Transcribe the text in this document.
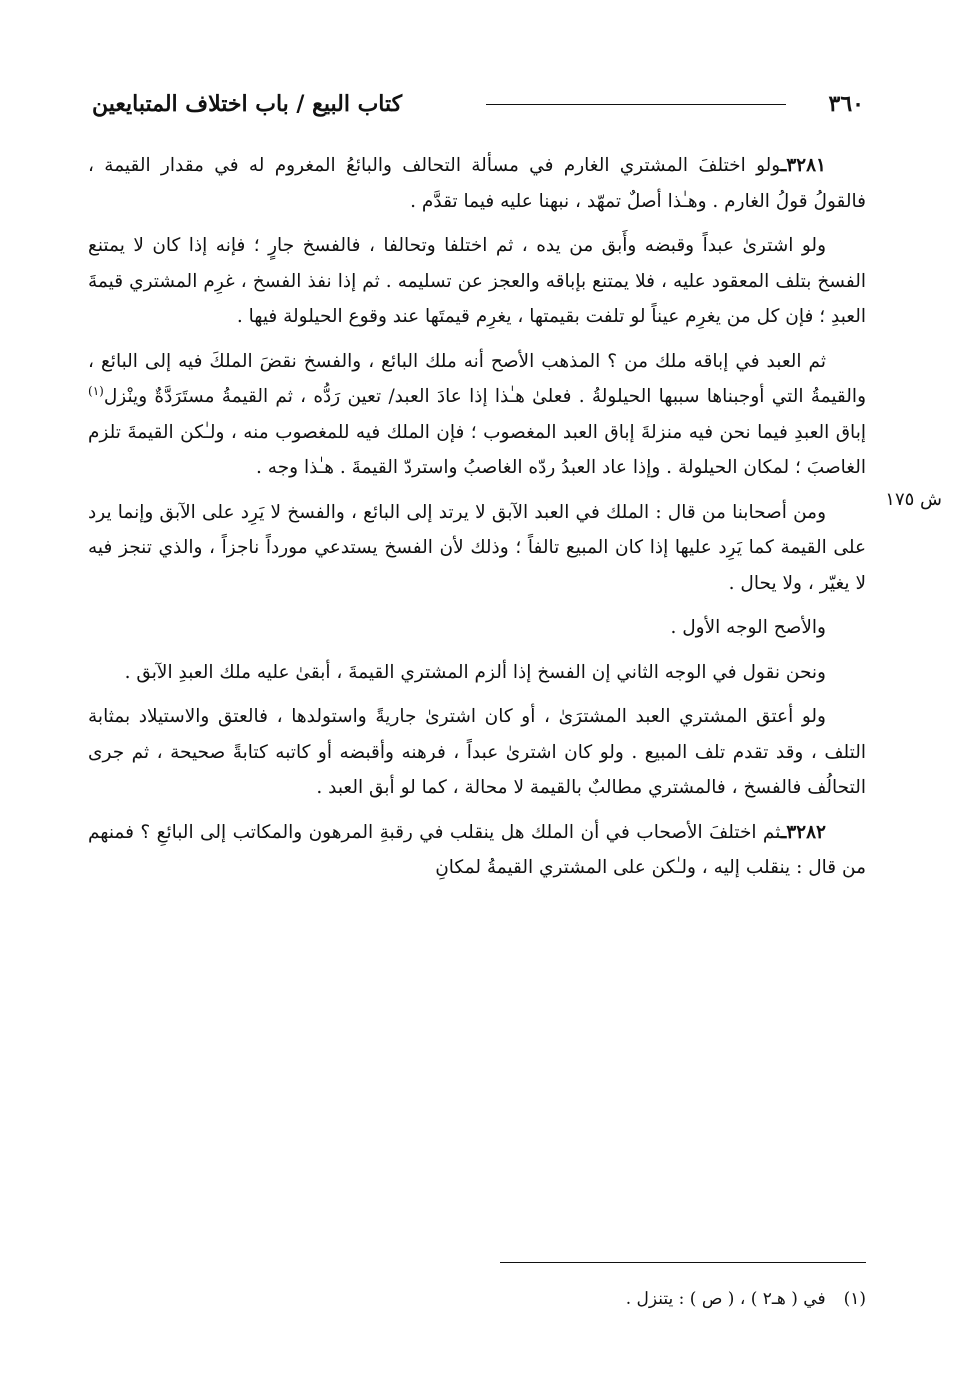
٣٦٠
كتاب البيع / باب اختلاف المتبايعين
ش ١٧٥

٣٢٨١ـولو اختلفَ المشتري الغارم في مسألة التحالف والبائعُ المغروم له في مقدار القيمة ، فالقولُ قولُ الغارم . وهـٰذا أصلٌ تمهّد ، نبهنا عليه فيما تقدَّم .

ولو اشترىٰ عبداً وقبضه وأَبق من يده ، ثم اختلفا وتحالفا ، فالفسخ جارٍ ؛ فإنه إذا كان لا يمتنع الفسخ بتلف المعقود عليه ، فلا يمتنع بإباقه والعجز عن تسليمه . ثم إذا نفذ الفسخ ، غرِم المشتري قيمةَ العبدِ ؛ فإن كل من يغرِم عيناً لو تلفت بقيمتها ، يغرِم قيمتَها عند وقوع الحيلولة فيها .

ثم العبد في إباقه ملك من ؟ المذهب الأصح أنه ملك البائع ، والفسخ نقضَ الملكَ فيه إلى البائع ، والقيمةُ التي أوجبناها سببها الحيلولةُ . فعلىٰ هـٰذا إذا عادَ العبد/ تعين رَدُّه ، ثم القيمةُ مستَرَدَّةٌ وينْزل$^{(١)}$ إباق العبدِ فيما نحن فيه منزلةَ إباق العبد المغصوب ؛ فإن الملك فيه للمغصوب منه ، ولـٰكن القيمةَ تلزم الغاصبَ ؛ لمكان الحيلولة . وإذا عاد العبدُ ردّه الغاصبُ واستردّ القيمةَ . هـٰذا وجه .

ومن أصحابنا من قال : الملك في العبد الآبق لا يرتد إلى البائع ، والفسخ لا يَرِد على الآبق وإنما يرد على القيمة كما يَرِد عليها إذا كان المبيع تالفاً ؛ وذلك لأن الفسخ يستدعي مورداً ناجزاً ، والذي تنجز فيه لا يغيّر ، ولا يحال .

والأصح الوجه الأول .

ونحن نقول في الوجه الثاني إن الفسخ إذا ألزم المشتري القيمةَ ، أبقىٰ عليه ملك العبدِ الآبق .

ولو أعتق المشتري العبد المشترَىٰ ، أو كان اشترىٰ جاريةً واستولدها ، فالعتق والاستيلاد بمثابة التلف ، وقد تقدم تلف المبيع . ولو كان اشترىٰ عبداً ، فرهنه وأقبضه أو كاتبه كتابةً صحيحة ، ثم جرى التحالُف فالفسخ ، فالمشتري مطالبٌ بالقيمة لا محالة ، كما لو أبق العبد .

٣٢٨٢ـثم اختلفَ الأصحاب في أن الملك هل ينقلب في رقبةِ المرهون والمكاتب إلى البائعِ ؟ فمنهم من قال : ينقلب إليه ، ولـٰكن على المشتري القيمةُ لمكانِ

(١)في ( هـ٢ ) ، ( ص ) : يتنزل .
